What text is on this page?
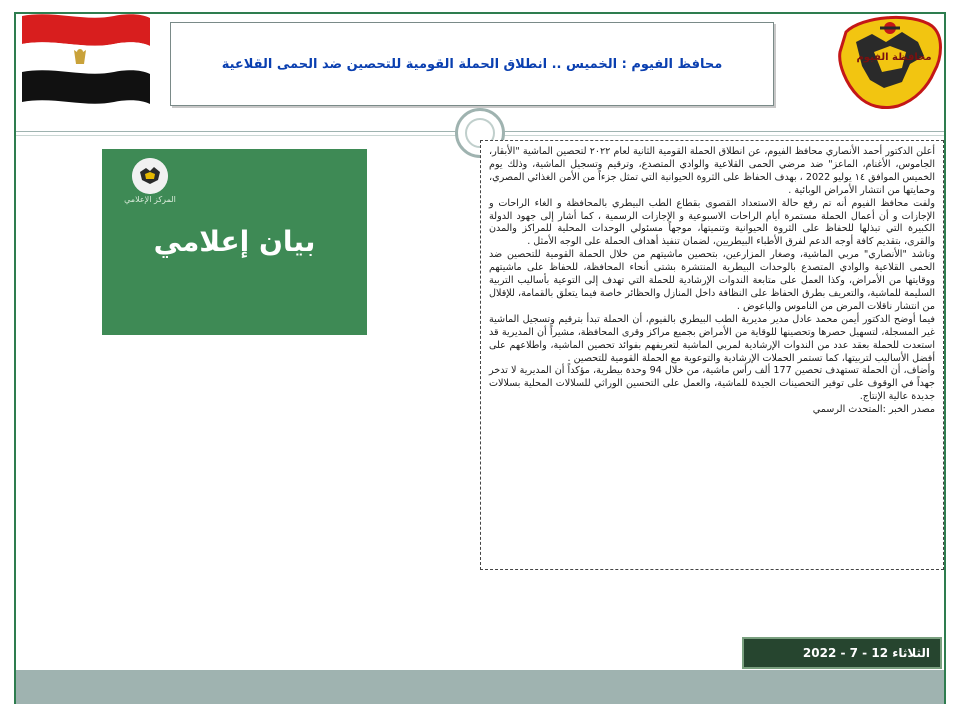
محافظ الفيوم : الخميس .. انطلاق الحملة القومية للتحصين ضد الحمى القلاعية	محافظة الفيوم
المركز الإعلامي
بيان إعلامي

أعلن الدكتور أحمد الأنصاري محافظ الفيوم، عن انطلاق الحملة القومية الثانية لعام ٢٠٢٢ لتحصين الماشية "الأبقار، الجاموس، الأغنام، الماعز" ضد مرضي الحمى القلاعية والوادي المتصدع، وترقيم وتسجيل الماشية، وذلك يوم الخميس الموافق ١٤ يوليو 2022 ، بهدف الحفاظ على الثروة الحيوانية التي تمثل جزءاً من الأمن الغذائي المصري، وحمايتها من انتشار الأمراض الوبائية .

ولفت محافظ الفيوم أنه تم رفع حالة الاستعداد القصوى بقطاع الطب البيطري بالمحافظة و الغاء الراحات و الإجازات و أن أعمال الحملة مستمرة أيام الراحات الاسبوعية و الإجازات الرسمية ، كما أشار إلى جهود الدولة الكبيرة التي تبذلها للحفاظ على الثروة الحيوانية وتنميتها، موجهاً مسئولي الوحدات المحلية للمراكز والمدن والقرى، بتقديم كافة أوجه الدعم لفرق الأطباء البيطريين، لضمان تنفيذ أهداف الحملة على الوجه الأمثل .

وناشد "الأنصاري" مربي الماشية، وصغار المزارعين، بتحصين ماشيتهم من خلال الحملة القومية للتحصين ضد الحمى القلاعية والوادي المتصدع بالوحدات البيطرية المنتشرة بشتى أنحاء المحافظة، للحفاظ على ماشيتهم ووقايتها من الأمراض، وكذا العمل على متابعة الندوات الإرشادية للحملة التي تهدف إلى التوعية بأساليب التربية السليمة للماشية، والتعريف بطرق الحفاظ على النظافة داخل المنازل والحظائر خاصة فيما يتعلق بالقمامة، للإقلال من انتشار ناقلات المرض من الناموس والباعوض .

فيما أوضح الدكتور أيمن محمد عادل مدير مديرية الطب البيطري بالفيوم، أن الحملة تبدأ بترقيم وتسجيل الماشية غير المسجلة، لتسهيل حصرها وتحصينها للوقاية من الأمراض بجميع مراكز وقرى المحافظة، مشيراً أن المديرية قد استعدت للحملة بعقد عدد من الندوات الإرشادية لمربي الماشية لتعريفهم بفوائد تحصين الماشية، واطلاعهم على أفضل الأساليب لتربيتها، كما تستمر الحملات الإرشادية والتوعوية مع الحملة القومية للتحصين .

وأضاف، أن الحملة تستهدف تحصين 177 ألف رأس ماشية، من خلال 94 وحدة بيطرية، مؤكداً أن المديرية لا تدخر جهداً في الوقوف على توفير التحصينات الجيدة للماشية، والعمل على التحسين الوراثي للسلالات المحلية بسلالات جديدة عالية الإنتاج.

مصدر الخبر :المتحدث الرسمي

الثلاثاء 12 - 7 - 2022
